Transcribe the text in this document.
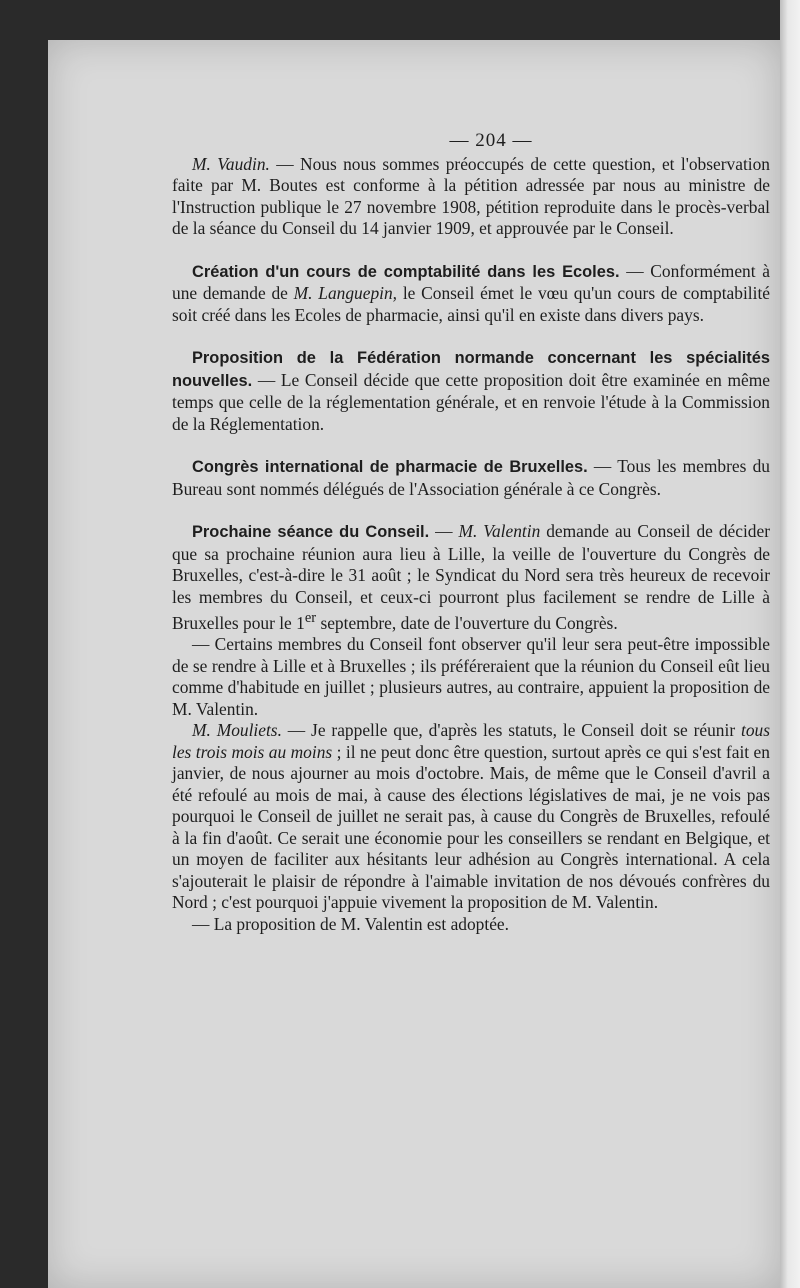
— 204 —

M. Vaudin. — Nous nous sommes préoccupés de cette question, et l'observation faite par M. Boutes est conforme à la pétition adressée par nous au ministre de l'Instruction publique le 27 novembre 1908, pétition reproduite dans le procès-verbal de la séance du Conseil du 14 janvier 1909, et approuvée par le Conseil.

Création d'un cours de comptabilité dans les Ecoles. — Conformément à une demande de M. Languepin, le Conseil émet le vœu qu'un cours de comptabilité soit créé dans les Ecoles de pharmacie, ainsi qu'il en existe dans divers pays.

Proposition de la Fédération normande concernant les spécialités nouvelles. — Le Conseil décide que cette proposition doit être examinée en même temps que celle de la réglementation générale, et en renvoie l'étude à la Commission de la Réglementation.

Congrès international de pharmacie de Bruxelles. — Tous les membres du Bureau sont nommés délégués de l'Association générale à ce Congrès.

Prochaine séance du Conseil. — M. Valentin demande au Conseil de décider que sa prochaine réunion aura lieu à Lille, la veille de l'ouverture du Congrès de Bruxelles, c'est-à-dire le 31 août ; le Syndicat du Nord sera très heureux de recevoir les membres du Conseil, et ceux-ci pourront plus facilement se rendre de Lille à Bruxelles pour le 1er septembre, date de l'ouverture du Congrès.

— Certains membres du Conseil font observer qu'il leur sera peut-être impossible de se rendre à Lille et à Bruxelles ; ils préféreraient que la réunion du Conseil eût lieu comme d'habitude en juillet ; plusieurs autres, au contraire, appuient la proposition de M. Valentin.

M. Mouliets. — Je rappelle que, d'après les statuts, le Conseil doit se réunir tous les trois mois au moins ; il ne peut donc être question, surtout après ce qui s'est fait en janvier, de nous ajourner au mois d'octobre. Mais, de même que le Conseil d'avril a été refoulé au mois de mai, à cause des élections législatives de mai, je ne vois pas pourquoi le Conseil de juillet ne serait pas, à cause du Congrès de Bruxelles, refoulé à la fin d'août. Ce serait une économie pour les conseillers se rendant en Belgique, et un moyen de faciliter aux hésitants leur adhésion au Congrès international. A cela s'ajouterait le plaisir de répondre à l'aimable invitation de nos dévoués confrères du Nord ; c'est pourquoi j'appuie vivement la proposition de M. Valentin.

— La proposition de M. Valentin est adoptée.
